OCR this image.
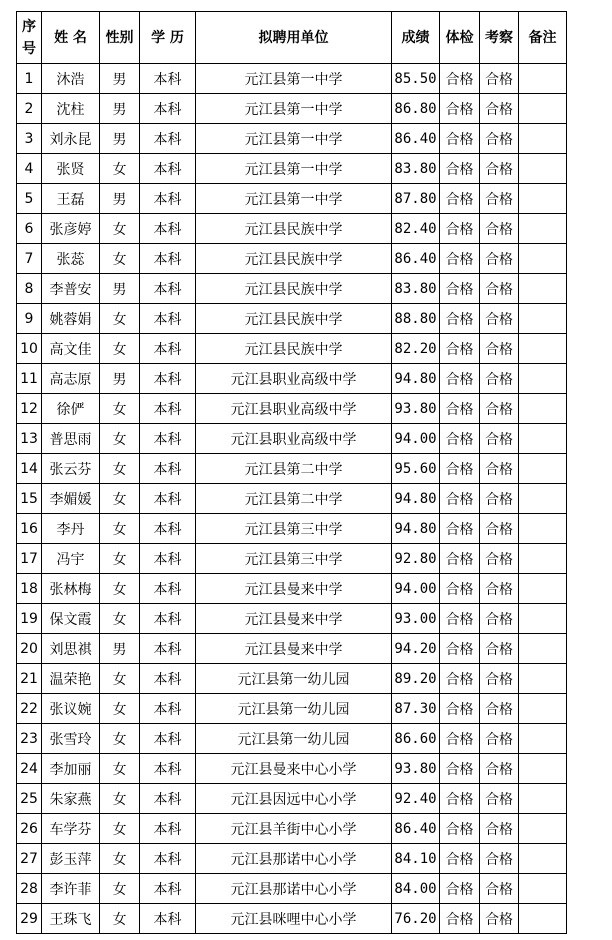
序号	姓 名	性别	学 历	拟聘用单位	成绩	体检	考察	备注
1	沐浩	男	本科	元江县第一中学	85.50	合格	合格	
2	沈柱	男	本科	元江县第一中学	86.80	合格	合格	
3	刘永昆	男	本科	元江县第一中学	86.40	合格	合格	
4	张贤	女	本科	元江县第一中学	83.80	合格	合格	
5	王磊	男	本科	元江县第一中学	87.80	合格	合格	
6	张彦婷	女	本科	元江县民族中学	82.40	合格	合格	
7	张蕊	女	本科	元江县民族中学	86.40	合格	合格	
8	李普安	男	本科	元江县民族中学	83.80	合格	合格	
9	姚蓉娟	女	本科	元江县民族中学	88.80	合格	合格	
10	高文佳	女	本科	元江县民族中学	82.20	合格	合格	
11	高志原	男	本科	元江县职业高级中学	94.80	合格	合格	
12	徐俨	女	本科	元江县职业高级中学	93.80	合格	合格	
13	普思雨	女	本科	元江县职业高级中学	94.00	合格	合格	
14	张云芬	女	本科	元江县第二中学	95.60	合格	合格	
15	李媚媛	女	本科	元江县第二中学	94.80	合格	合格	
16	李丹	女	本科	元江县第三中学	94.80	合格	合格	
17	冯宇	女	本科	元江县第三中学	92.80	合格	合格	
18	张林梅	女	本科	元江县曼来中学	94.00	合格	合格	
19	保文霞	女	本科	元江县曼来中学	93.00	合格	合格	
20	刘思祺	男	本科	元江县曼来中学	94.20	合格	合格	
21	温荣艳	女	本科	元江县第一幼儿园	89.20	合格	合格	
22	张议婉	女	本科	元江县第一幼儿园	87.30	合格	合格	
23	张雪玲	女	本科	元江县第一幼儿园	86.60	合格	合格	
24	李加丽	女	本科	元江县曼来中心小学	93.80	合格	合格	
25	朱家燕	女	本科	元江县因远中心小学	92.40	合格	合格	
26	车学芬	女	本科	元江县羊街中心小学	86.40	合格	合格	
27	彭玉萍	女	本科	元江县那诺中心小学	84.10	合格	合格	
28	李许菲	女	本科	元江县那诺中心小学	84.00	合格	合格	
29	王珠飞	女	本科	元江县咪哩中心小学	76.20	合格	合格	
